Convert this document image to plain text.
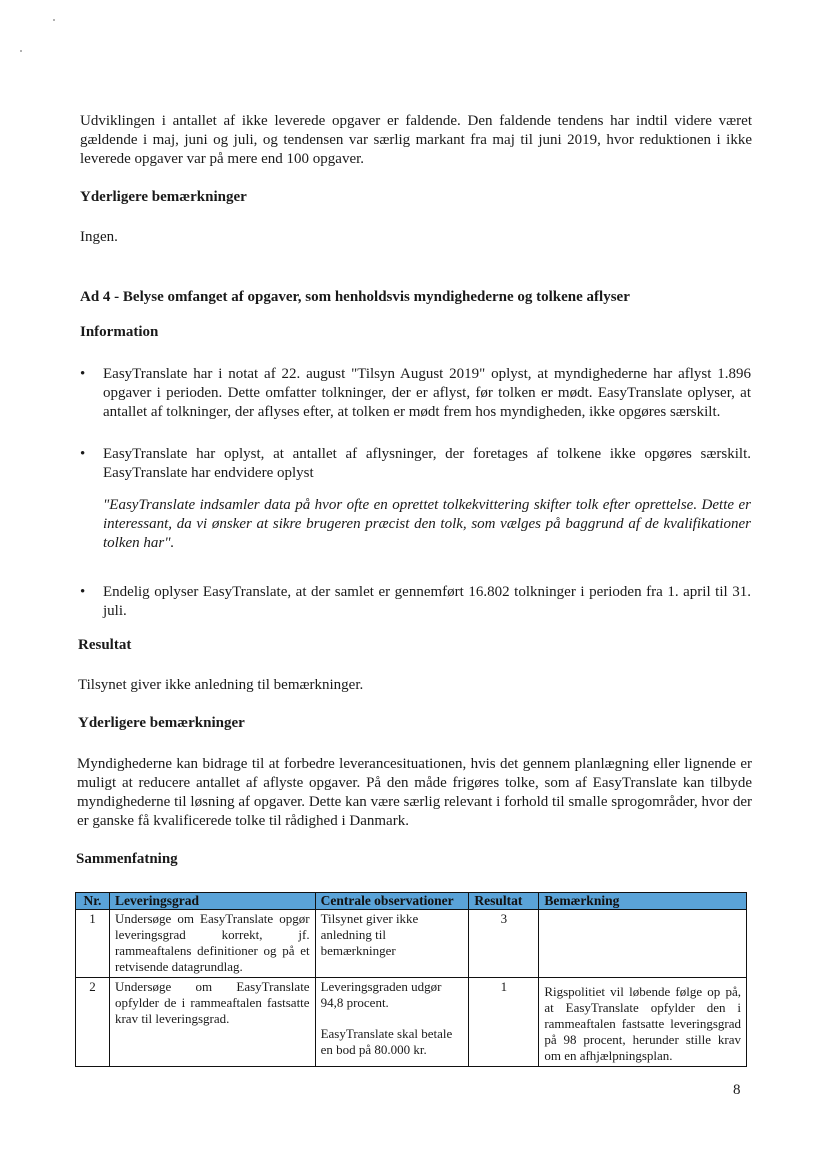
Udviklingen i antallet af ikke leverede opgaver er faldende. Den faldende tendens har indtil videre været gældende i maj, juni og juli, og tendensen var særlig markant fra maj til juni 2019, hvor reduktionen i ikke leverede opgaver var på mere end 100 opgaver.

Yderligere bemærkninger
Ingen.
Ad 4 - Belyse omfanget af opgaver, som henholdsvis myndighederne og tolkene aflyser
Information
• EasyTranslate har i notat af 22. august "Tilsyn August 2019" oplyst, at myndighederne har aflyst 1.896 opgaver i perioden. Dette omfatter tolkninger, der er aflyst, før tolken er mødt. EasyTranslate oplyser, at antallet af tolkninger, der aflyses efter, at tolken er mødt frem hos myndigheden, ikke opgøres særskilt.
• EasyTranslate har oplyst, at antallet af aflysninger, der foretages af tolkene ikke opgøres særskilt. EasyTranslate har endvidere oplyst
"EasyTranslate indsamler data på hvor ofte en oprettet tolkekvittering skifter tolk efter oprettelse. Dette er interessant, da vi ønsker at sikre brugeren præcist den tolk, som vælges på baggrund af de kvalifikationer tolken har".
• Endelig oplyser EasyTranslate, at der samlet er gennemført 16.802 tolkninger i perioden fra 1. april til 31. juli.
Resultat
Tilsynet giver ikke anledning til bemærkninger.
Yderligere bemærkninger
Myndighederne kan bidrage til at forbedre leverancesituationen, hvis det gennem planlægning eller lignende er muligt at reducere antallet af aflyste opgaver. På den måde frigøres tolke, som af EasyTranslate kan tilbyde myndighederne til løsning af opgaver. Dette kan være særlig relevant i forhold til smalle sprogområder, hvor der er ganske få kvalificerede tolke til rådighed i Danmark.
Sammenfatning
Nr.	Leveringsgrad	Centrale observationer	Resultat	Bemærkning
1	Undersøge om EasyTranslate opgør leveringsgrad korrekt, jf. rammeaftalens definitioner og på et retvisende datagrundlag.	Tilsynet giver ikke anledning til bemærkninger	3	
2	Undersøge om EasyTranslate opfylder de i rammeaftalen fastsatte krav til leveringsgrad.	Leveringsgraden udgør 94,8 procent.
EasyTranslate skal betale en bod på 80.000 kr.	1	Rigspolitiet vil løbende følge op på, at EasyTranslate opfylder den i rammeaftalen fastsatte leveringsgrad på 98 procent, herunder stille krav om en afhjælpningsplan.
8
